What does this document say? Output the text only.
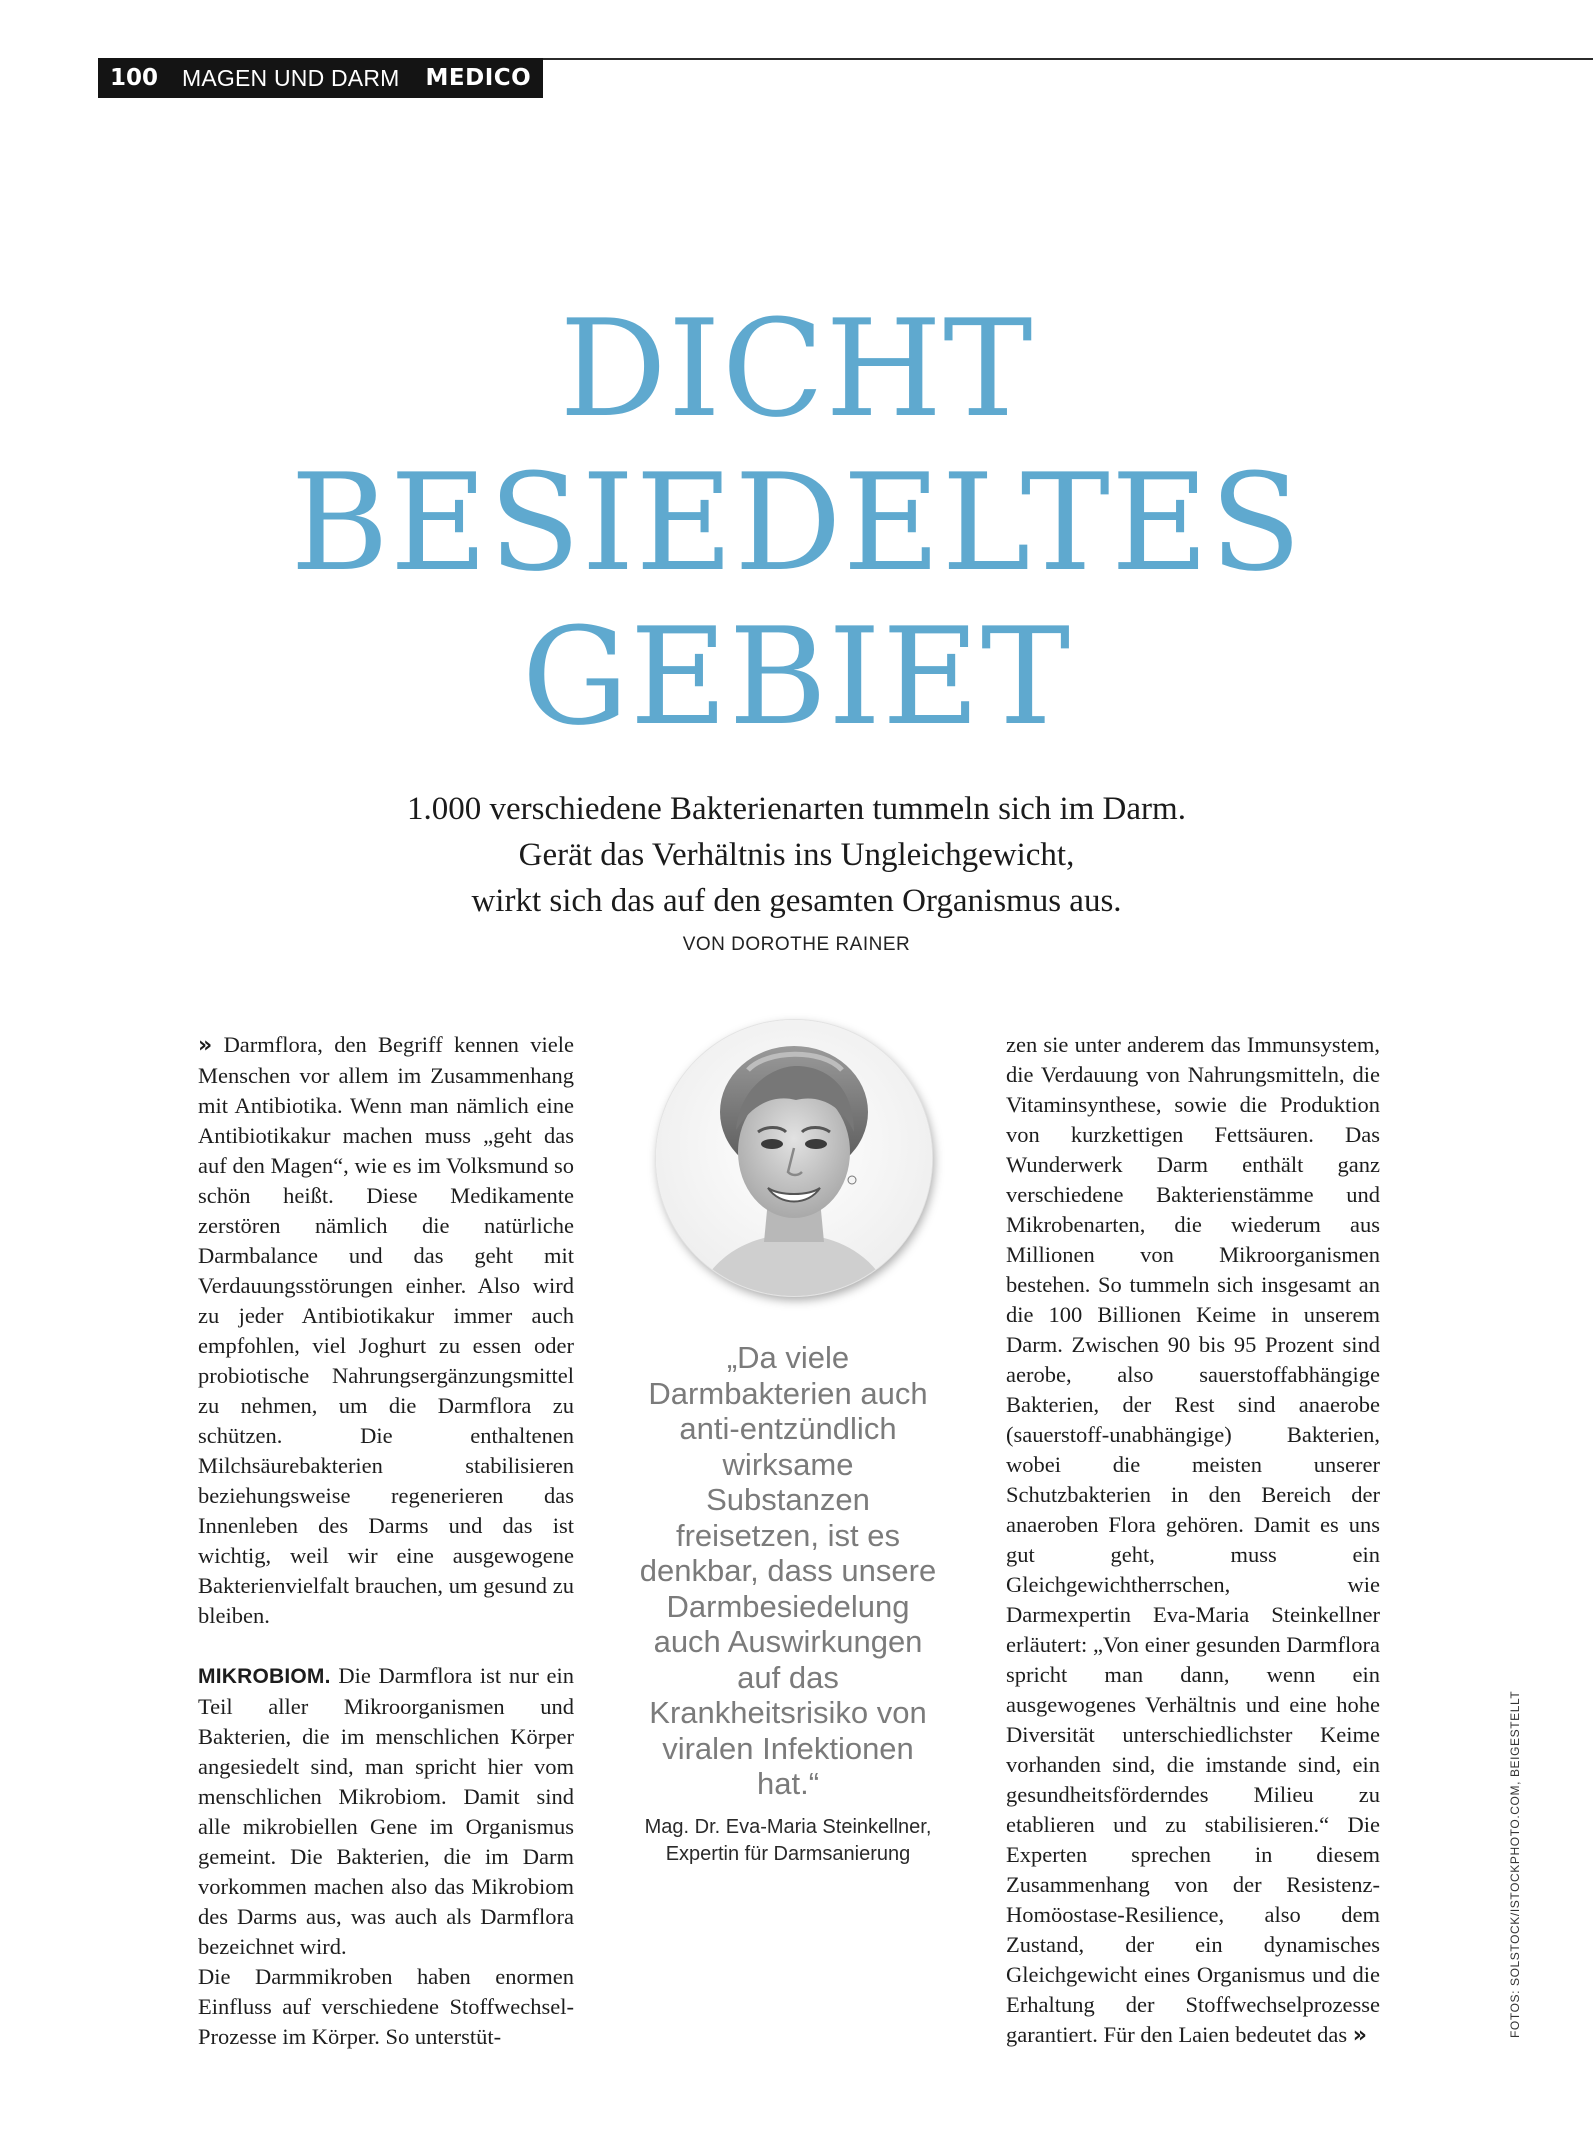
100 MAGEN UND DARM MEDICO
DICHT
BESIEDELTES
GEBIET
1.000 verschiedene Bakterienarten tummeln sich im Darm.
Gerät das Verhältnis ins Ungleichgewicht,
wirkt sich das auf den gesamten Organismus aus.
VON DOROTHE RAINER

» Darmflora, den Begriff kennen viele Menschen vor allem im Zusammenhang mit Antibiotika. Wenn man nämlich eine Antibiotikakur machen muss „geht das auf den Magen“, wie es im Volksmund so schön heißt. Diese Medikamente zerstören nämlich die natürliche Darmbalance und das geht mit Verdauungsstörungen einher. Also wird zu jeder Antibiotikakur immer auch empfohlen, viel Joghurt zu essen oder probiotische Nahrungsergänzungsmittel zu nehmen, um die Darmflora zu schützen. Die enthaltenen Milchsäurebakterien stabilisieren beziehungsweise regenerieren das Innenleben des Darms und das ist wichtig, weil wir eine ausgewogene Bakterienvielfalt brauchen, um gesund zu bleiben.

MIKROBIOM. Die Darmflora ist nur ein Teil aller Mikroorganismen und Bakterien, die im menschlichen Körper angesiedelt sind, man spricht hier vom menschlichen Mikrobiom. Damit sind alle mikrobiellen Gene im Organismus gemeint. Die Bakterien, die im Darm vorkommen machen also das Mikrobiom des Darms aus, was auch als Darmflora bezeichnet wird.

Die Darmmikroben haben enormen Einfluss auf verschiedene Stoffwechsel-Prozesse im Körper. So unterstüt-

„Da viele
Darmbakterien auch
anti-entzündlich
wirksame
Substanzen
freisetzen, ist es
denkbar, dass unsere
Darmbesiedelung
auch Auswirkungen
auf das
Krankheitsrisiko von
viralen Infektionen
hat.“
Mag. Dr. Eva-Maria Steinkellner,
Expertin für Darmsanierung

zen sie unter anderem das Immunsystem, die Verdauung von Nahrungsmitteln, die Vitaminsynthese, sowie die Produktion von kurzkettigen Fettsäuren. Das Wunderwerk Darm enthält ganz verschiedene Bakterienstämme und Mikrobenarten, die wiederum aus Millionen von Mikroorganismen bestehen. So tummeln sich insgesamt an die 100 Billionen Keime in unserem Darm. Zwischen 90 bis 95 Prozent sind aerobe, also sauerstoffabhängige Bakterien, der Rest sind anaerobe (sauerstoff-unabhängige) Bakterien, wobei die meisten unserer Schutzbakterien in den Bereich der anaeroben Flora gehören. Damit es uns gut geht, muss ein Gleichgewichtherrschen, wie Darmexpertin Eva-Maria Steinkellner erläutert: „Von einer gesunden Darmflora spricht man dann, wenn ein ausgewogenes Verhältnis und eine hohe Diversität unterschiedlichster Keime vorhanden sind, die imstande sind, ein gesundheitsförderndes Milieu zu etablieren und zu stabilisieren.“ Die Experten sprechen in diesem Zusammenhang von der Resistenz-Homöostase-Resilience, also dem Zustand, der ein dynamisches Gleichgewicht eines Organismus und die Erhaltung der Stoffwechselprozesse garantiert. Für den Laien bedeutet das »	FOTOS: SOLSTOCK/ISTOCKPHOTO.COM, BEIGESTELLT
